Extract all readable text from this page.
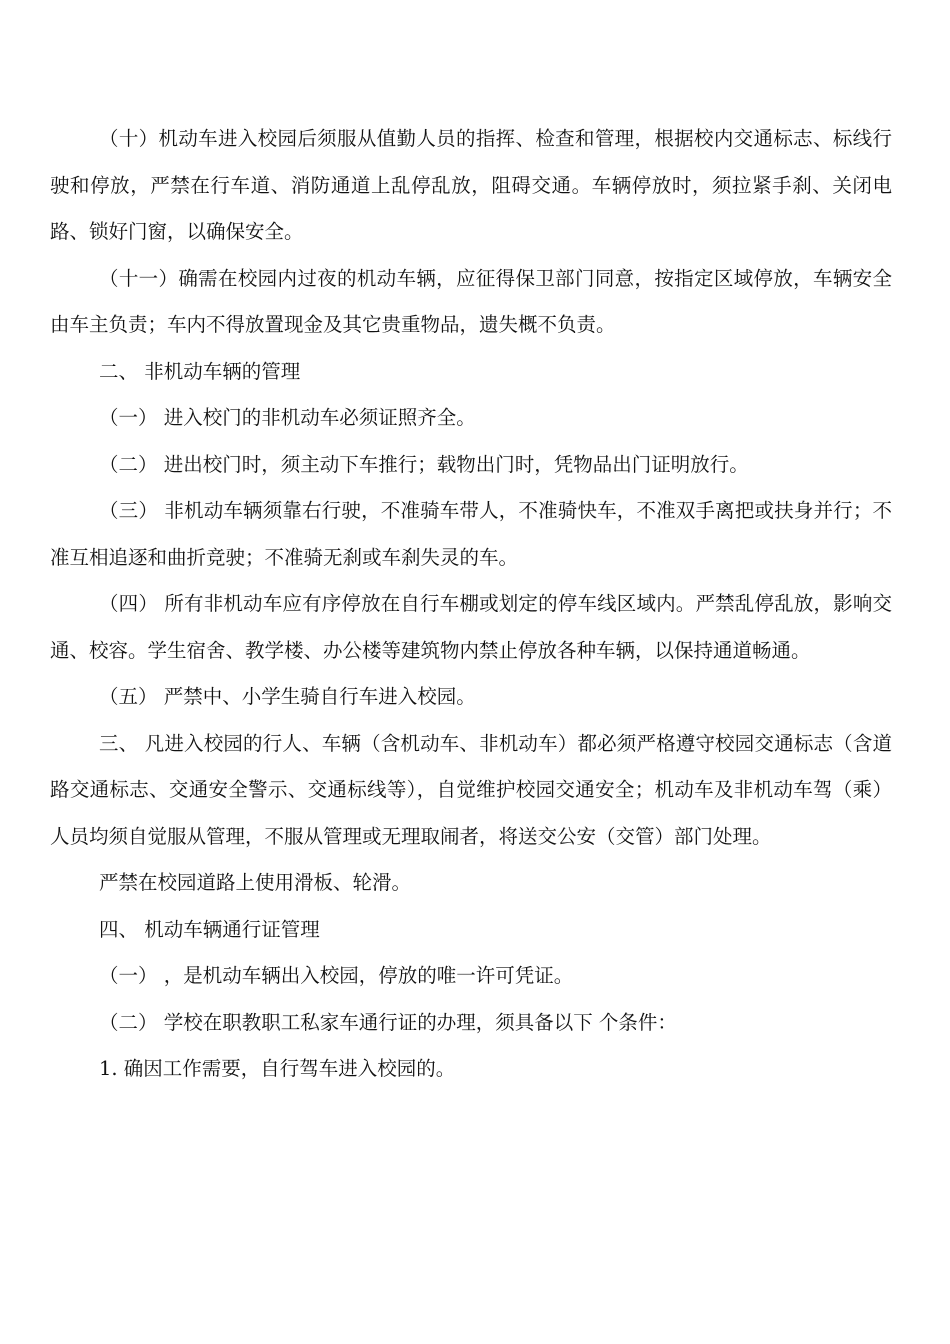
（十）机动车进入校园后须服从值勤人员的指挥、检查和管理，根据校内交通标志、标线行驶和停放，严禁在行车道、消防通道上乱停乱放，阻碍交通。车辆停放时，须拉紧手刹、关闭电路、锁好门窗，以确保安全。

（十一）确需在校园内过夜的机动车辆，应征得保卫部门同意，按指定区域停放，车辆安全由车主负责；车内不得放置现金及其它贵重物品，遗失概不负责。

二、 非机动车辆的管理

（一） 进入校门的非机动车必须证照齐全。

（二） 进出校门时，须主动下车推行；载物出门时，凭物品出门证明放行。

（三） 非机动车辆须靠右行驶，不准骑车带人，不准骑快车，不准双手离把或扶身并行；不准互相追逐和曲折竞驶；不准骑无刹或车刹失灵的车。

（四） 所有非机动车应有序停放在自行车棚或划定的停车线区域内。严禁乱停乱放，影响交通、校容。学生宿舍、教学楼、办公楼等建筑物内禁止停放各种车辆，以保持通道畅通。

（五） 严禁中、小学生骑自行车进入校园。

三、 凡进入校园的行人、车辆（含机动车、非机动车）都必须严格遵守校园交通标志（含道路交通标志、交通安全警示、交通标线等），自觉维护校园交通安全；机动车及非机动车驾（乘）人员均须自觉服从管理，不服从管理或无理取闹者，将送交公安（交管）部门处理。

严禁在校园道路上使用滑板、轮滑。

四、 机动车辆通行证管理

（一） ，是机动车辆出入校园，停放的唯一许可凭证。

（二） 学校在职教职工私家车通行证的办理，须具备以下 个条件：

1. 确因工作需要，自行驾车进入校园的。
